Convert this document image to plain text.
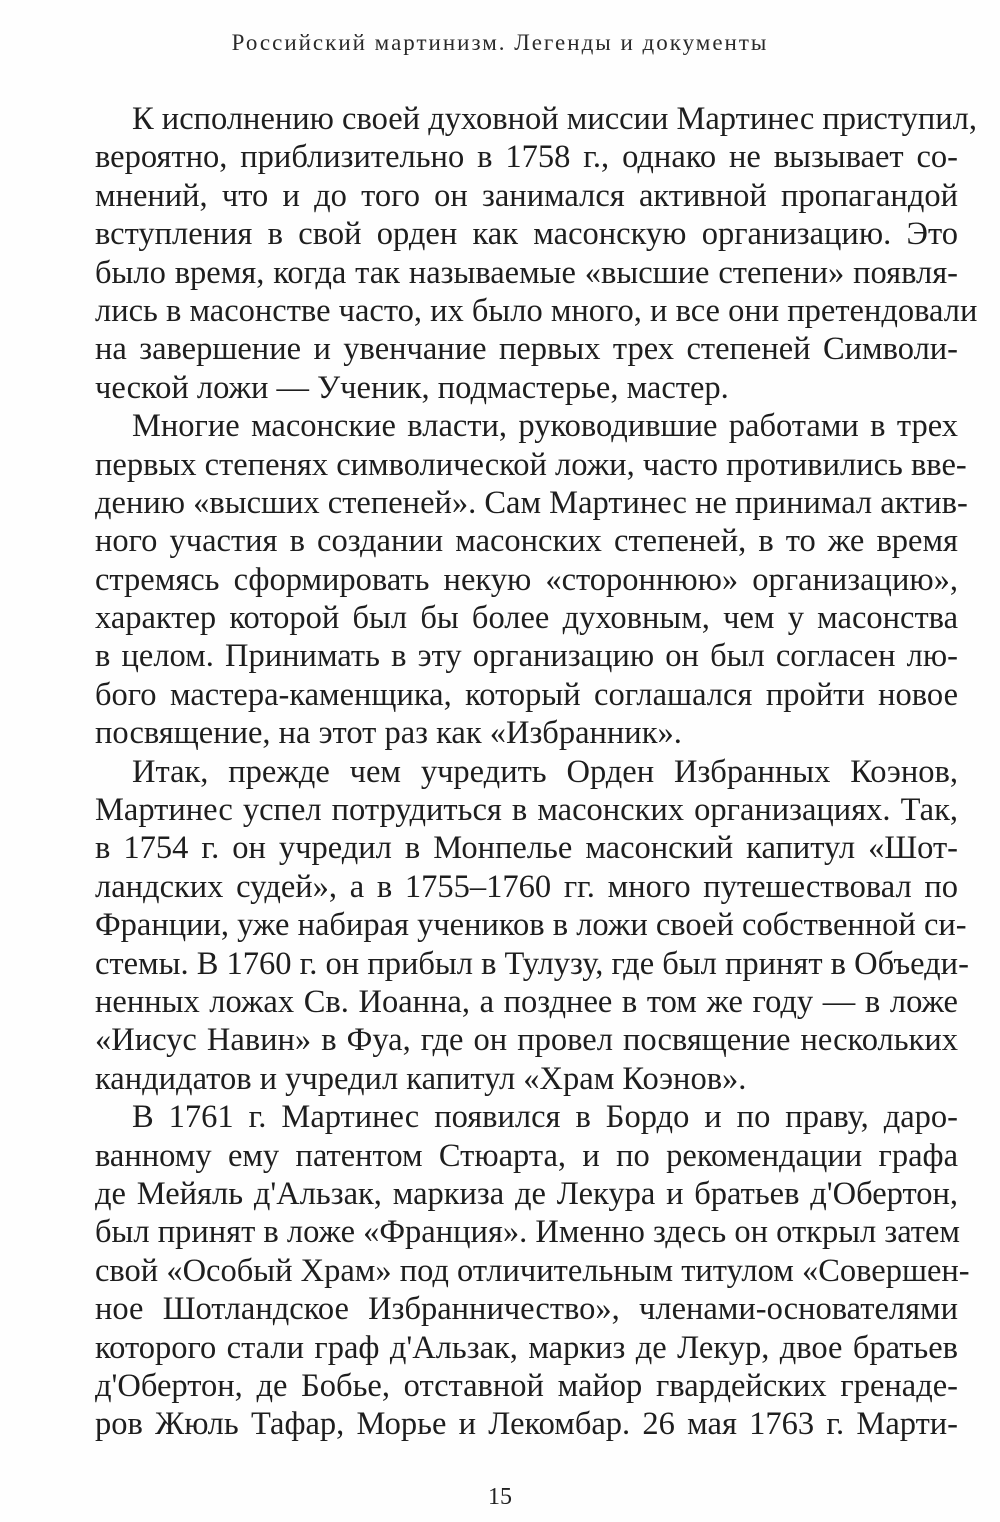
Российский мартинизм. Легенды и документы
К исполнению своей духовной миссии Мартинес приступил,
вероятно, приблизительно в 1758 г., однако не вызывает со-
мнений, что и до того он занимался активной пропагандой
вступления в свой орден как масонскую организацию. Это
было время, когда так называемые «высшие степени» появля-
лись в масонстве часто, их было много, и все они претендовали
на завершение и увенчание первых трех степеней Символи-
ческой ложи — Ученик, подмастерье, мастер.
Многие масонские власти, руководившие работами в трех
первых степенях символической ложи, часто противились вве-
дению «высших степеней». Сам Мартинес не принимал актив-
ного участия в создании масонских степеней, в то же время
стремясь сформировать некую «стороннюю» организацию»,
характер которой был бы более духовным, чем у масонства
в целом. Принимать в эту организацию он был согласен лю-
бого мастера-каменщика, который соглашался пройти новое
посвящение, на этот раз как «Избранник».
Итак, прежде чем учредить Орден Избранных Коэнов,
Мартинес успел потрудиться в масонских организациях. Так,
в 1754 г. он учредил в Монпелье масонский капитул «Шот-
ландских судей», а в 1755–1760 гг. много путешествовал по
Франции, уже набирая учеников в ложи своей собственной си-
стемы. В 1760 г. он прибыл в Тулузу, где был принят в Объеди-
ненных ложах Св. Иоанна, а позднее в том же году — в ложе
«Иисус Навин» в Фуа, где он провел посвящение нескольких
кандидатов и учредил капитул «Храм Коэнов».
В 1761 г. Мартинес появился в Бордо и по праву, даро-
ванному ему патентом Стюарта, и по рекомендации графа
де Мейяль д'Альзак, маркиза де Лекура и братьев д'Обертон,
был принят в ложе «Франция». Именно здесь он открыл затем
свой «Особый Храм» под отличительным титулом «Совершен-
ное Шотландское Избранничество», членами-основателями
которого стали граф д'Альзак, маркиз де Лекур, двое братьев
д'Обертон, де Бобье, отставной майор гвардейских гренаде-
ров Жюль Тафар, Морье и Лекомбар. 26 мая 1763 г. Марти-
15
